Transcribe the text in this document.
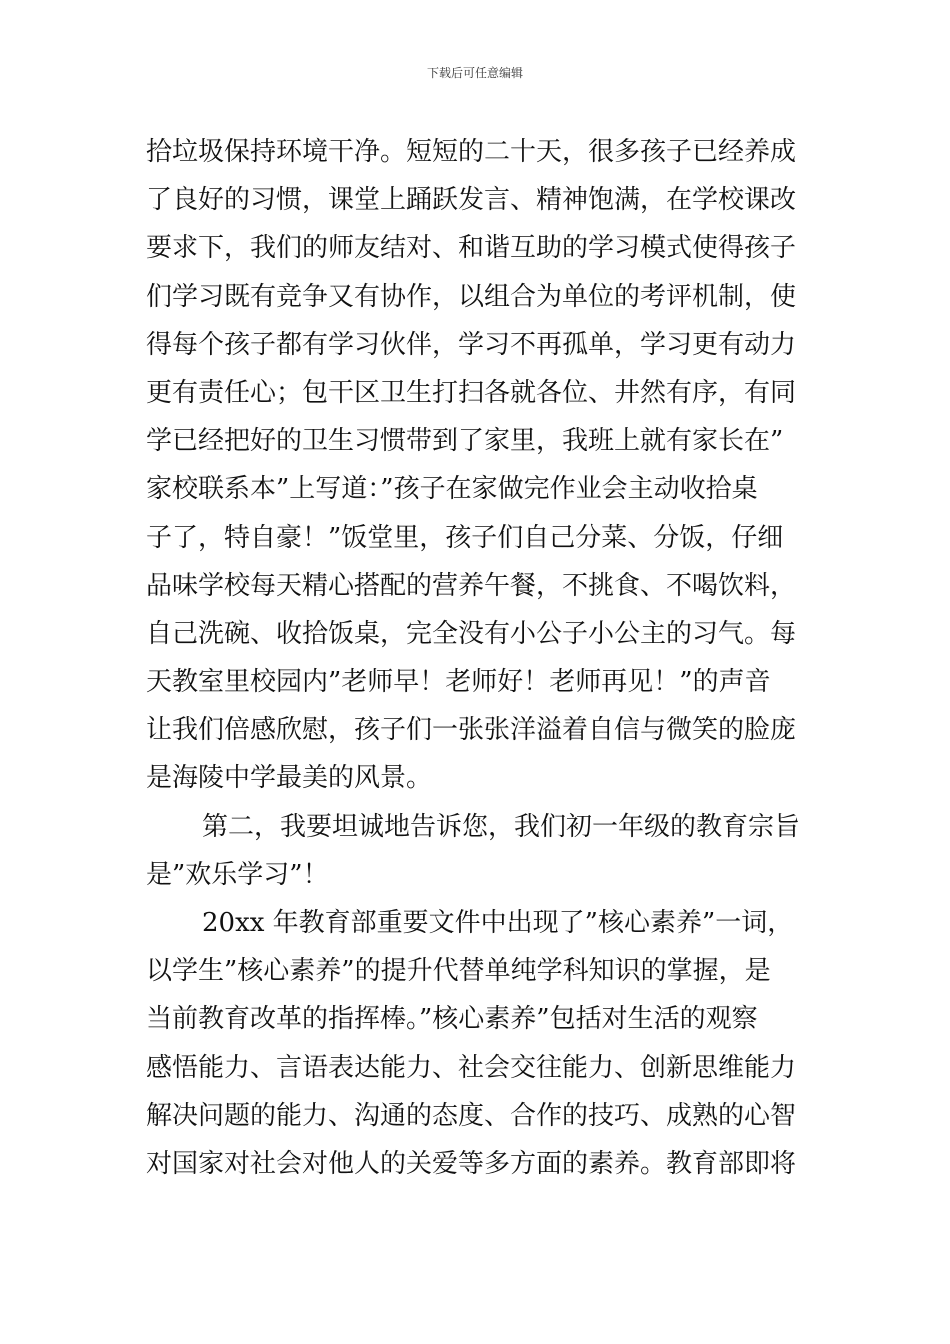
下载后可任意编辑
拾垃圾保持环境干净。短短的二十天，很多孩子已经养成
了良好的习惯，课堂上踊跃发言、精神饱满，在学校课改
要求下，我们的师友结对、和谐互助的学习模式使得孩子
们学习既有竞争又有协作，以组合为单位的考评机制，使
得每个孩子都有学习伙伴，学习不再孤单，学习更有动力
更有责任心；包干区卫生打扫各就各位、井然有序，有同
学已经把好的卫生习惯带到了家里，我班上就有家长在”
家校联系本”上写道：”孩子在家做完作业会主动收拾桌
子了，特自豪！”饭堂里，孩子们自己分菜、分饭，仔细
品味学校每天精心搭配的营养午餐，不挑食、不喝饮料，
自己洗碗、收拾饭桌，完全没有小公子小公主的习气。每
天教室里校园内”老师早！老师好！老师再见！”的声音
让我们倍感欣慰，孩子们一张张洋溢着自信与微笑的脸庞
是海陵中学最美的风景。
第二，我要坦诚地告诉您，我们初一年级的教育宗旨
是”欢乐学习”！
20xx 年教育部重要文件中出现了”核心素养”一词，
以学生”核心素养”的提升代替单纯学科知识的掌握，是
当前教育改革的指挥棒。”核心素养”包括对生活的观察
感悟能力、言语表达能力、社会交往能力、创新思维能力
解决问题的能力、沟通的态度、合作的技巧、成熟的心智
对国家对社会对他人的关爱等多方面的素养。教育部即将
